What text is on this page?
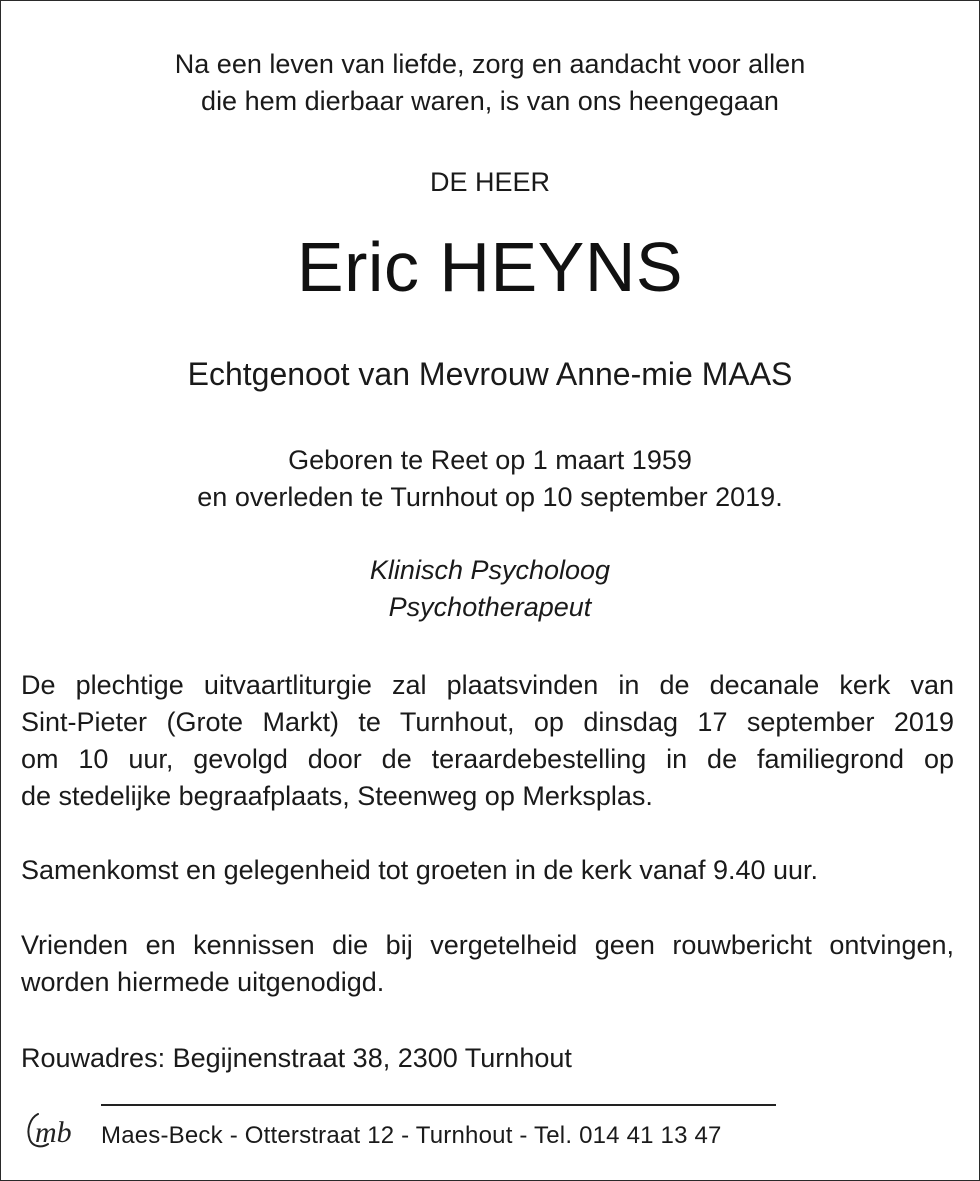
Na een leven van liefde, zorg en aandacht voor allen
die hem dierbaar waren, is van ons heengegaan
DE HEER
Eric HEYNS
Echtgenoot van Mevrouw Anne-mie MAAS
Geboren te Reet op 1 maart 1959
en overleden te Turnhout op 10 september 2019.
Klinisch Psycholoog
Psychotherapeut
De plechtige uitvaartliturgie zal plaatsvinden in de decanale kerk van
Sint-Pieter (Grote Markt) te Turnhout, op dinsdag 17 september 2019
om 10 uur, gevolgd door de teraardebestelling in de familiegrond op
de stedelijke begraafplaats, Steenweg op Merksplas.
Samenkomst en gelegenheid tot groeten in de kerk vanaf 9.40 uur.
Vrienden en kennissen die bij vergetelheid geen rouwbericht ontvingen,
worden hiermede uitgenodigd.
Rouwadres: Begijnenstraat 38, 2300 Turnhout
mb Maes-Beck - Otterstraat 12 - Turnhout - Tel. 014 41 13 47
